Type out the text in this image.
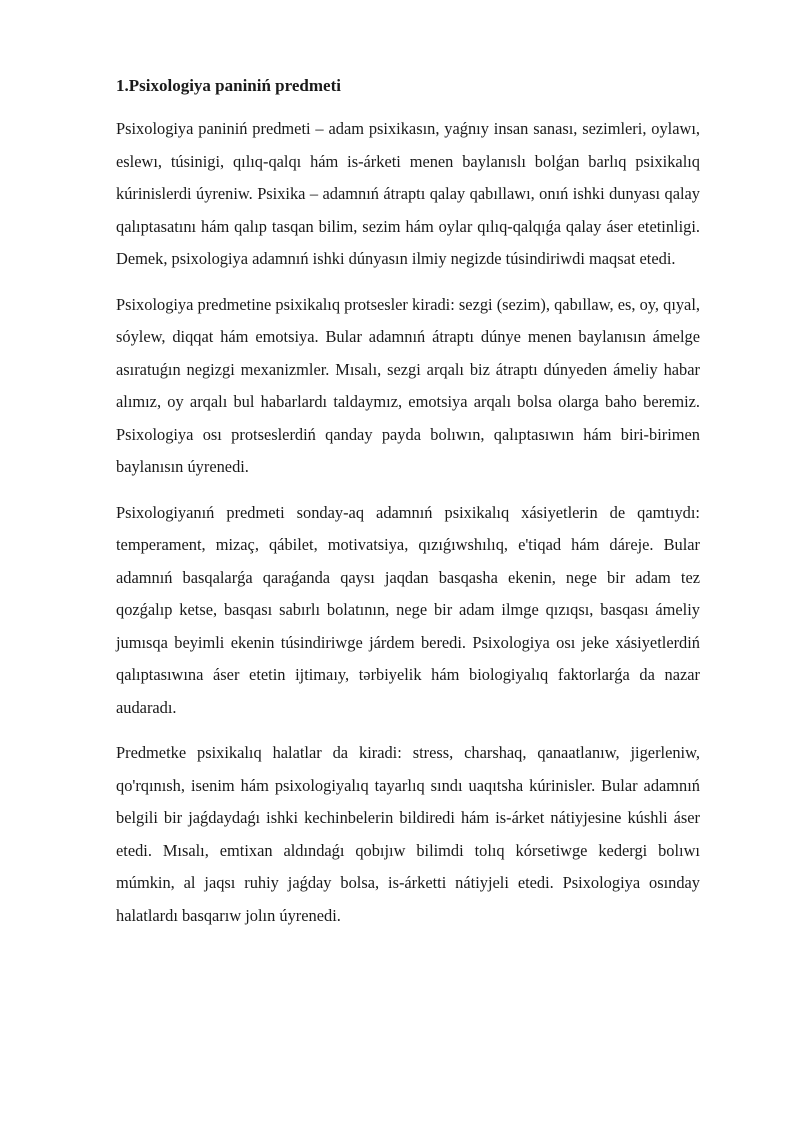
1.Psixologiya paniniń predmeti

Psixologiya paniniń predmeti – adam psixikasın, yaǵnıy insan sanası, sezimleri, oylawı, eslewı, túsinigi, qılıq-qalqı hám is-árketi menen baylanıslı bolǵan barlıq psixikalıq kúrinislerdi úyreniw. Psixika – adamnıń átraptı qalay qabıllawı, onıń ishki dunyası qalay qalıptasatını hám qalıp tasqan bilim, sezim hám oylar qılıq-qalqıǵa qalay áser etetinligi. Demek, psixologiya adamnıń ishki dúnyasın ilmiy negizde túsindiriwdi maqsat etedi.

Psixologiya predmetine psixikalıq protsesler kiradi: sezgi (sezim), qabıllaw, es, oy, qıyal, sóylew, diqqat hám emotsiya. Bular adamnıń átraptı dúnye menen baylanısın ámelge asıratuǵın negizgi mexanizmler. Mısalı, sezgi arqalı biz átraptı dúnyeden ámeliy habar alımız, oy arqalı bul habarlardı taldaymız, emotsiya arqalı bolsa olarga baho beremiz. Psixologiya osı protseslerdiń qanday payda bolıwın, qalıptasıwın hám biri-birimen baylanısın úyrenedi.

Psixologiyanıń predmeti sonday-aq adamnıń psixikalıq xásiyetlerin de qamtıydı: temperament, mizaç, qábilet, motivatsiya, qızıǵıwshılıq, e'tiqad hám dáreje. Bular adamnıń basqalarǵa qaraǵanda qaysı jaqdan basqasha ekenin, nege bir adam tez qozǵalıp ketse, basqası sabırlı bolatının, nege bir adam ilmge qızıqsı, basqası ámeliy jumısqa beyimli ekenin túsindiriwge járdem beredi. Psixologiya osı jeke xásiyetlerdiń qalıptasıwına áser etetin ijtimaıy, tərbiyelik hám biologiyalıq faktorlarǵa da nazar audaradı.

Predmetke psixikalıq halatlar da kiradi: stress, charshaq, qanaatlanıw, jigerleniw, qo'rqınısh, isenim hám psixologiyalıq tayarlıq sındı uaqıtsha kúrinisler. Bular adamnıń belgili bir jaǵdaydaǵı ishki kechinbelerin bildiredi hám is-árket nátiyjesine kúshli áser etedi. Mısalı, emtixan aldındaǵı qobıjıw bilimdi tolıq kórsetiwge kedergi bolıwı múmkin, al jaqsı ruhiy jaǵday bolsa, is-árketti nátiyjeli etedi. Psixologiya osınday halatlardı basqarıw jolın úyrenedi.
